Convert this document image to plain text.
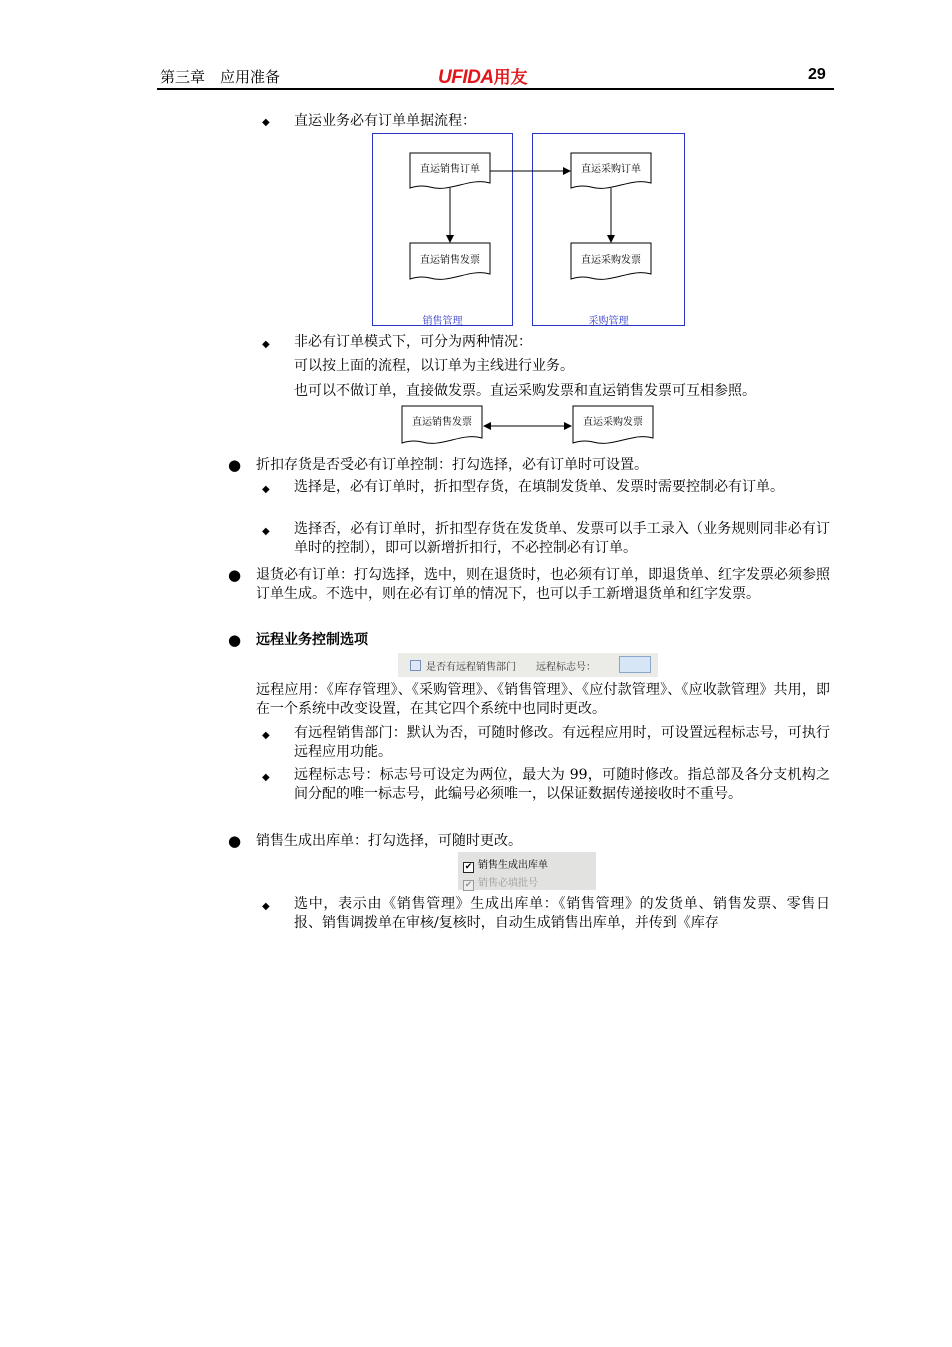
第三章　应用准备	UFIDA用友	29
◆ 直运业务必有订单单据流程：
销售管理	采购管理
直运销售订单	直运采购订单
直运销售发票	直运采购发票
◆ 非必有订单模式下，可分为两种情况：
可以按上面的流程，以订单为主线进行业务。
也可以不做订单，直接做发票。直运采购发票和直运销售发票可互相参照。
直运销售发票	直运采购发票
● 折扣存货是否受必有订单控制：打勾选择，必有订单时可设置。
◆ 选择是，必有订单时，折扣型存货，在填制发货单、发票时需要控制必有订单。
◆ 选择否，必有订单时，折扣型存货在发货单、发票可以手工录入（业务规则同非必有订单时的控制），即可以新增折扣行，不必控制必有订单。
● 退货必有订单：打勾选择，选中，则在退货时，也必须有订单，即退货单、红字发票必须参照订单生成。不选中，则在必有订单的情况下，也可以手工新增退货单和红字发票。
● 远程业务控制选项
是否有远程销售部门 远程标志号：
远程应用：《库存管理》、《采购管理》、《销售管理》、《应付款管理》、《应收款管理》共用，即在一个系统中改变设置，在其它四个系统中也同时更改。
◆ 有远程销售部门：默认为否，可随时修改。有远程应用时，可设置远程标志号，可执行远程应用功能。
◆ 远程标志号：标志号可设定为两位，最大为 99，可随时修改。指总部及各分支机构之间分配的唯一标志号，此编号必须唯一，以保证数据传递接收时不重号。
● 销售生成出库单：打勾选择，可随时更改。
✔ 销售生成出库单
✔ 销售必填批号
◆ 选中，表示由《销售管理》生成出库单：《销售管理》的发货单、销售发票、零售日报、销售调拨单在审核/复核时，自动生成销售出库单，并传到《库存
